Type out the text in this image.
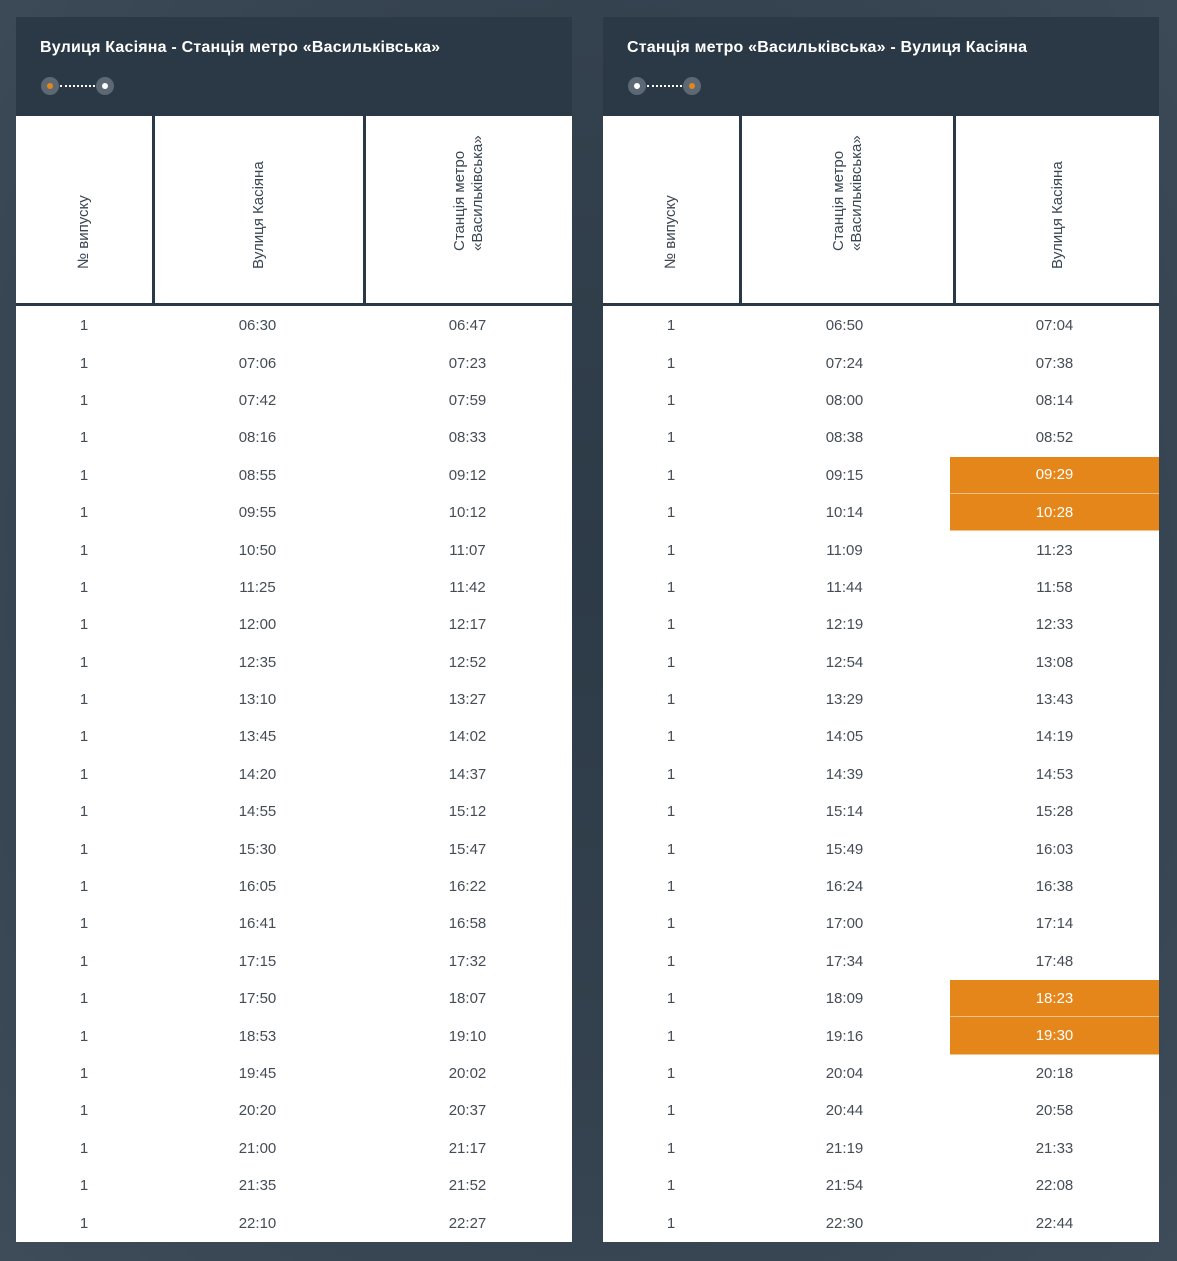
Вулиця Касіяна - Станція метро «Васильківська»
№ випуску	Вулиця Касіяна	Станція метро «Васильківська»
1	06:30	06:47
1	07:06	07:23
1	07:42	07:59
1	08:16	08:33
1	08:55	09:12
1	09:55	10:12
1	10:50	11:07
1	11:25	11:42
1	12:00	12:17
1	12:35	12:52
1	13:10	13:27
1	13:45	14:02
1	14:20	14:37
1	14:55	15:12
1	15:30	15:47
1	16:05	16:22
1	16:41	16:58
1	17:15	17:32
1	17:50	18:07
1	18:53	19:10
1	19:45	20:02
1	20:20	20:37
1	21:00	21:17
1	21:35	21:52
1	22:10	22:27
Станція метро «Васильківська» - Вулиця Касіяна
№ випуску	Станція метро «Васильківська»	Вулиця Касіяна
1	06:50	07:04
1	07:24	07:38
1	08:00	08:14
1	08:38	08:52
1	09:15	09:29
1	10:14	10:28
1	11:09	11:23
1	11:44	11:58
1	12:19	12:33
1	12:54	13:08
1	13:29	13:43
1	14:05	14:19
1	14:39	14:53
1	15:14	15:28
1	15:49	16:03
1	16:24	16:38
1	17:00	17:14
1	17:34	17:48
1	18:09	18:23
1	19:16	19:30
1	20:04	20:18
1	20:44	20:58
1	21:19	21:33
1	21:54	22:08
1	22:30	22:44
